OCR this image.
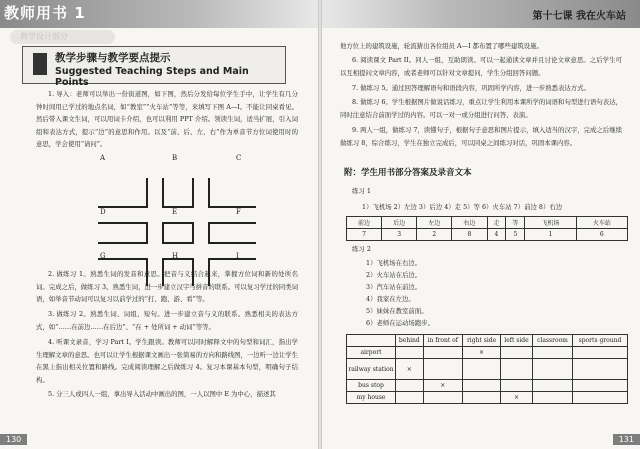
教师用书 1
教学设计部分
教学步骤与教学要点提示
Suggested Teaching Steps and Main Points
1. 导入：老师可以举出一份街道图，如下图，然后分发给每位学生手中，让学生有几分钟时间用已学过的地点名词，如“教室”“火车站”等等，来填写下图 A—I。不能让同桌看见。然后带入课文生词，可以用词卡介绍，也可以利用 PPT 介绍。领读生词，适当扩展，引入词组和表达方式，提示“边”的意思和作用。以及“前、后、左、右”作为单音节方位词使用时的意思，学会使用“请问”。
A	B	C
D	E	F
G	H	I
2. 做练习 1。熟悉生词的发音和意思。把音与义结合起来，掌握方位词和新的处所名词。完成之后，做练习 3。熟悉生词，进一步建立汉字与拼音的联系。可以复习学过的同类词语，如举音节动词可以复习以前学过的“打、跑、游、看”等。
3. 做练习 2。熟悉生词、词组、短句。进一步建立音与义的联系。熟悉相关的表达方式，如“……在前边……在后边”、“在 + 处所词 + 动词”等等。
4. 听课文录音，学习 Part I。学生跟读。教师可以同时解释文中的句型和词汇，指出学生理解文章的意思。也可以让学生根据课文画出一张简易的方向和路线图，一边听一边让学生在黑上指出相关位置和路线。完成阅读理解之后做练习 4。复习本课基本句型，明确句子结构。
5. 分三人或四人一组，拿出导入活动中画出的图，一人以图中 E 为中心，描述其
130
第十七课 我在火车站
他方位上的建筑设施，轮流猜出各位组员 A—I 都布置了哪些建筑设施。
6. 阅读课文 Part II。同人一组，互助朗读。可以一起通读文章并且讨论文章意思。之后学生可以互相提问文章内容，或者老师可以针对文章提问，学生分组回答问题。
7. 做练习 5。通过回答理解语句和语段内容，巩固所学内容，进一步熟悉表达方式。
8. 做练习 6。学生根据图片做说话练习，重点让学生利用本课所学的词语和句型进行语句表达，同时注意结合前面学过的内容。可以一对一或分组进行问答、表演。
9. 两人一组，做练习 7，读懂句子，根据句子意思和图片提示，填入适当的汉字，完成之后继续做练习 8，综合练习，学生在独立完成后，可以同桌之间练习对话，巩固本课内容。
附：学生用书部分答案及录音文本
练习 1
1）飞机场 2）左边 3）后边 4）走 5）等 6）火车站 7）前边 8）右边
前边	后边	左边	右边	走	等	飞机场	火车站
7	3	2	8	4	5	1	6
练习 2
1）飞机场在右边。
2）火车站在后边。
3）汽车站在前边。
4）我家在左边。
5）妹妹在教室前面。
6）老师在运动场跑步。
	behind	in front of	right side	left side	classroom	sports ground
airport			×			
railway station	×					
bus stop		×				
my house				×		
131
